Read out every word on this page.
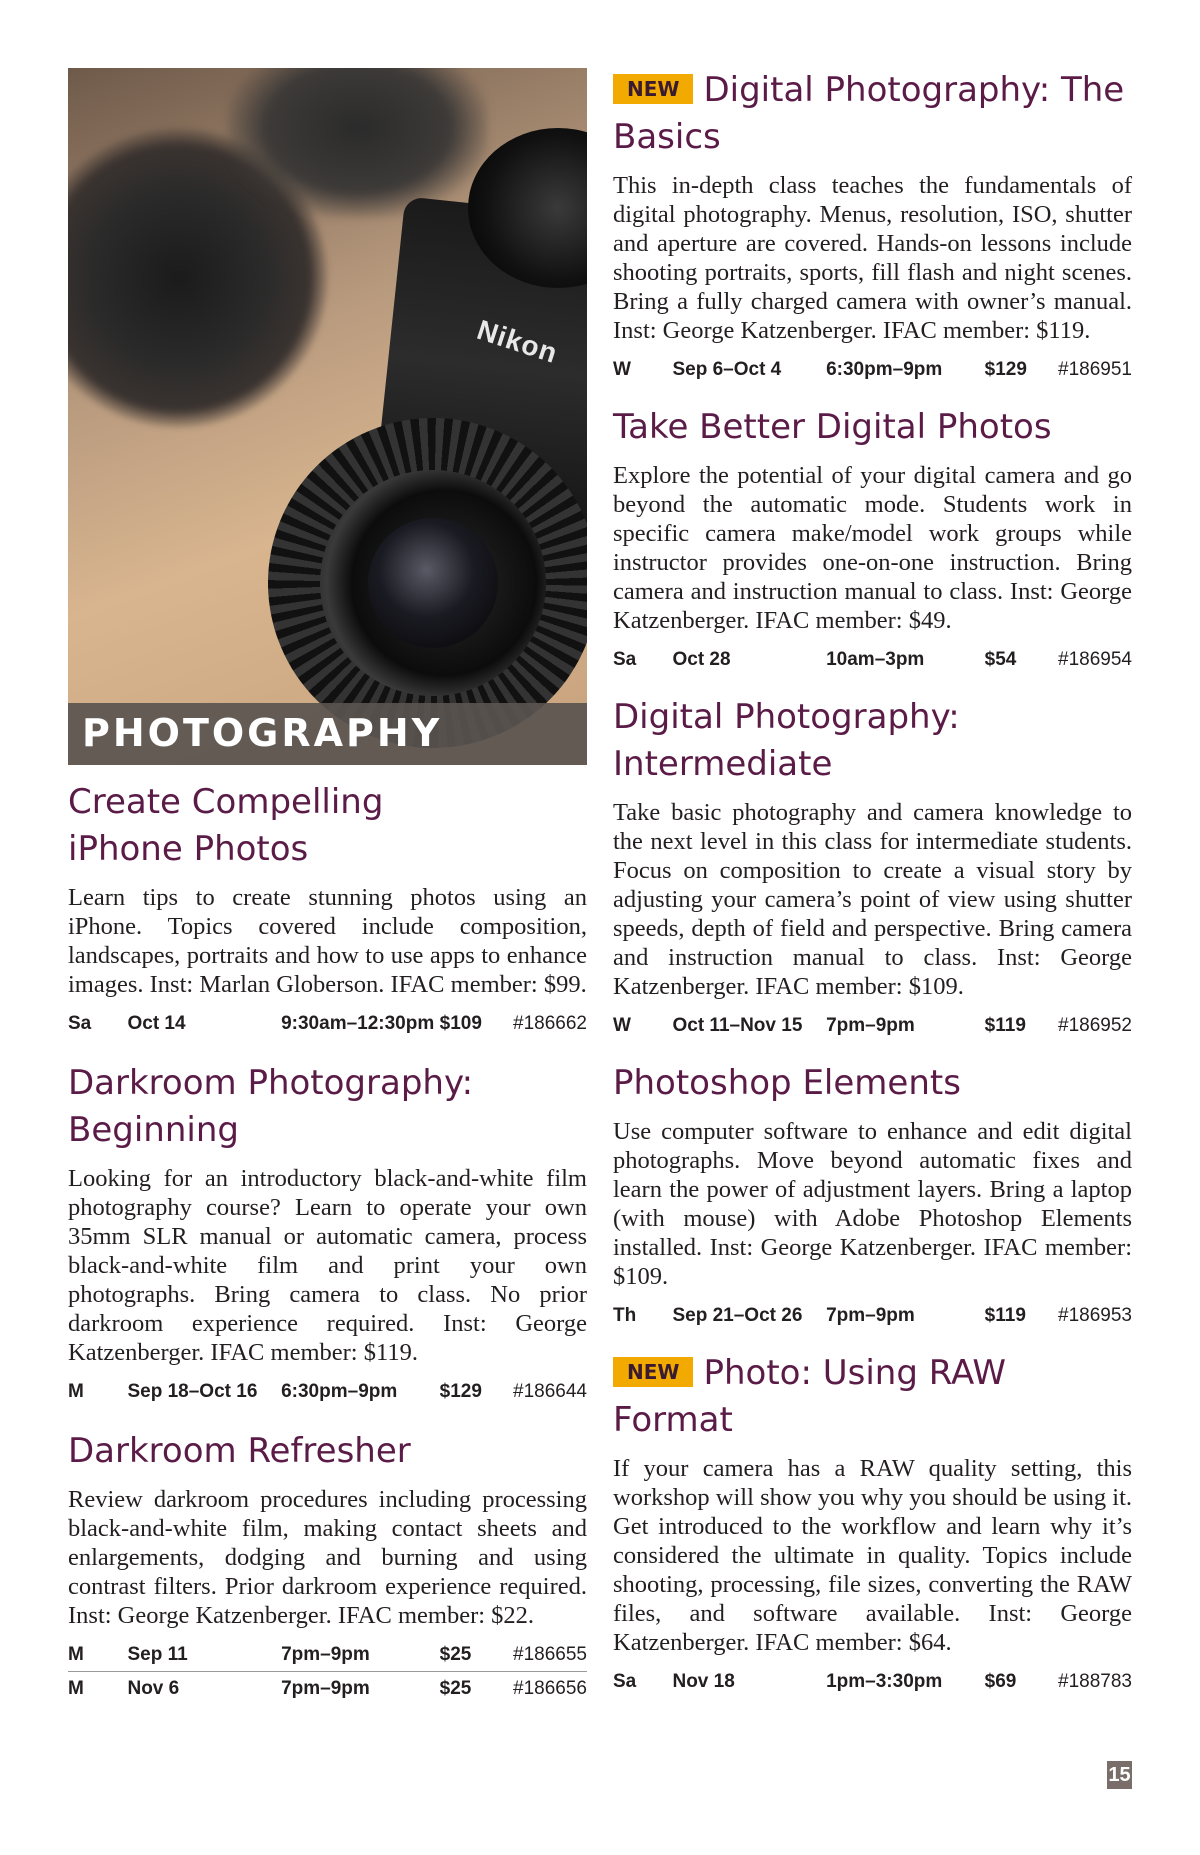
Nikon
PHOTOGRAPHY
Create Compelling iPhone Photos

Learn tips to create stunning photos using an iPhone. Topics covered include composition, landscapes, portraits and how to use apps to enhance images. Inst: Marlan Globerson. IFAC member: $99.

Sa	Oct 14	9:30am–12:30pm $109	#186662
Darkroom Photography: Beginning

Looking for an introductory black-and-white film photography course? Learn to operate your own 35mm SLR manual or automatic camera, process black-and-white film and print your own photographs. Bring camera to class. No prior darkroom experience required. Inst: George Katzenberger. IFAC member: $119.

M	Sep 18–Oct 16	6:30pm–9pm	$129	#186644
Darkroom Refresher

Review darkroom procedures including processing black-and-white film, making contact sheets and enlargements, dodging and burning and using contrast filters. Prior darkroom experience required. Inst: George Katzenberger. IFAC member: $22.

M	Sep 11	7pm–9pm	$25	#186655
M	Nov 6	7pm–9pm	$25	#186656
NEW Digital Photography: The Basics

This in-depth class teaches the fundamentals of digital photography. Menus, resolution, ISO, shutter and aperture are covered. Hands-on lessons include shooting portraits, sports, fill flash and night scenes. Bring a fully charged camera with owner’s manual. Inst: George Katzenberger. IFAC member: $119.

W	Sep 6–Oct 4	6:30pm–9pm	$129	#186951
Take Better Digital Photos

Explore the potential of your digital camera and go beyond the automatic mode. Students work in specific camera make/model work groups while instructor provides one-on-one instruction. Bring camera and instruction manual to class. Inst: George Katzenberger. IFAC member: $49.

Sa	Oct 28	10am–3pm	$54	#186954
Digital Photography: Intermediate

Take basic photography and camera knowledge to the next level in this class for intermediate students. Focus on composition to create a visual story by adjusting your camera’s point of view using shutter speeds, depth of field and perspective. Bring camera and instruction manual to class. Inst: George Katzenberger. IFAC member: $109.

W	Oct 11–Nov 15	7pm–9pm	$119	#186952
Photoshop Elements

Use computer software to enhance and edit digital photographs. Move beyond automatic fixes and learn the power of adjustment layers. Bring a laptop (with mouse) with Adobe Photoshop Elements installed. Inst: George Katzenberger. IFAC member: $109.

Th	Sep 21–Oct 26	7pm–9pm	$119	#186953
NEW Photo: Using RAW Format

If your camera has a RAW quality setting, this workshop will show you why you should be using it. Get introduced to the workflow and learn why it’s considered the ultimate in quality. Topics include shooting, processing, file sizes, converting the RAW files, and software available. Inst: George Katzenberger. IFAC member: $64.

Sa	Nov 18	1pm–3:30pm	$69	#188783
15
